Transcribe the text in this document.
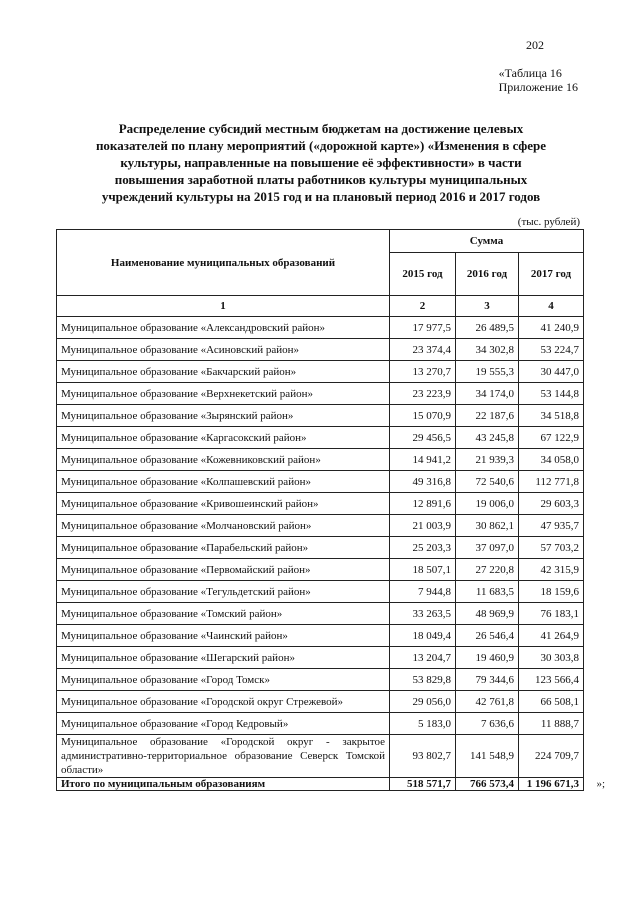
202
«Таблица 16
Приложение 16
Распределение субсидий местным бюджетам на достижение целевых
показателей по плану мероприятий («дорожной карте») «Изменения в сфере
культуры, направленные на повышение её эффективности» в части
повышения заработной платы работников культуры муниципальных
учреждений культуры на 2015 год и на плановый период 2016 и 2017 годов
(тыс. рублей)
Наименование муниципальных образований	Сумма		
	2015 год	2016 год	2017 год
1	2	3	4
Муниципальное образование «Александровский район»	17 977,5	26 489,5	41 240,9
Муниципальное образование «Асиновский район»	23 374,4	34 302,8	53 224,7
Муниципальное образование «Бакчарский район»	13 270,7	19 555,3	30 447,0
Муниципальное образование «Верхнекетский район»	23 223,9	34 174,0	53 144,8
Муниципальное образование «Зырянский район»	15 070,9	22 187,6	34 518,8
Муниципальное образование «Каргасокский район»	29 456,5	43 245,8	67 122,9
Муниципальное образование «Кожевниковский район»	14 941,2	21 939,3	34 058,0
Муниципальное образование «Колпашевский район»	49 316,8	72 540,6	112 771,8
Муниципальное образование «Кривошеинский район»	12 891,6	19 006,0	29 603,3
Муниципальное образование «Молчановский район»	21 003,9	30 862,1	47 935,7
Муниципальное образование «Парабельский район»	25 203,3	37 097,0	57 703,2
Муниципальное образование «Первомайский район»	18 507,1	27 220,8	42 315,9
Муниципальное образование «Тегульдетский район»	7 944,8	11 683,5	18 159,6
Муниципальное образование «Томский район»	33 263,5	48 969,9	76 183,1
Муниципальное образование «Чаинский район»	18 049,4	26 546,4	41 264,9
Муниципальное образование «Шегарский район»	13 204,7	19 460,9	30 303,8
Муниципальное образование «Город Томск»	53 829,8	79 344,6	123 566,4
Муниципальное образование «Городской округ Стрежевой»	29 056,0	42 761,8	66 508,1
Муниципальное образование «Город Кедровый»	5 183,0	7 636,6	11 888,7
Муниципальное образование «Городской округ - закрытое административно-территориальное образование Северск Томской области»	93 802,7	141 548,9	224 709,7
Итого по муниципальным образованиям	518 571,7	766 573,4	1 196 671,3 »;
